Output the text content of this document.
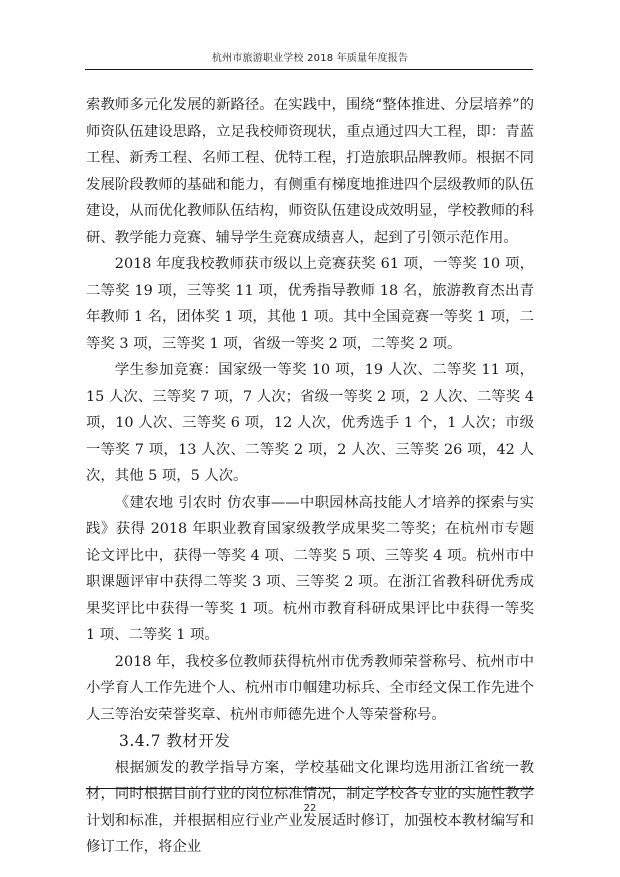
杭州市旅游职业学校 2018 年质量年度报告

索教师多元化发展的新路径。在实践中，围绕“整体推进、分层培养”的师资队伍建设思路，立足我校师资现状，重点通过四大工程，即：青蓝工程、新秀工程、名师工程、优特工程，打造旅职品牌教师。根据不同发展阶段教师的基础和能力，有侧重有梯度地推进四个层级教师的队伍建设，从而优化教师队伍结构，师资队伍建设成效明显，学校教师的科研、教学能力竞赛、辅导学生竞赛成绩喜人，起到了引领示范作用。

2018 年度我校教师获市级以上竞赛获奖 61 项，一等奖 10 项，二等奖 19 项，三等奖 11 项，优秀指导教师 18 名，旅游教育杰出青年教师 1 名，团体奖 1 项，其他 1 项。其中全国竞赛一等奖 1 项，二等奖 3 项，三等奖 1 项，省级一等奖 2 项，二等奖 2 项。

学生参加竞赛：国家级一等奖 10 项，19 人次、二等奖 11 项，15 人次、三等奖 7 项，7 人次；省级一等奖 2 项，2 人次、二等奖 4 项，10 人次、三等奖 6 项，12 人次，优秀选手 1 个，1 人次；市级一等奖 7 项，13 人次、二等奖 2 项，2 人次、三等奖 26 项，42 人次，其他 5 项，5 人次。

《建农地 引农时 仿农事——中职园林高技能人才培养的探索与实践》获得 2018 年职业教育国家级教学成果奖二等奖；在杭州市专题论文评比中，获得一等奖 4 项、二等奖 5 项、三等奖 4 项。杭州市中职课题评审中获得二等奖 3 项、三等奖 2 项。在浙江省教科研优秀成果奖评比中获得一等奖 1 项。杭州市教育科研成果评比中获得一等奖 1 项、二等奖 1 项。

2018 年，我校多位教师获得杭州市优秀教师荣誉称号、杭州市中小学育人工作先进个人、杭州市巾帼建功标兵、全市经文保工作先进个人三等治安荣誉奖章、杭州市师德先进个人等荣誉称号。

3.4.7 教材开发

根据颁发的教学指导方案，学校基础文化课均选用浙江省统一教材，同时根据目前行业的岗位标准情况，制定学校各专业的实施性教学计划和标准，并根据相应行业产业发展适时修订，加强校本教材编写和修订工作，将企业

22
